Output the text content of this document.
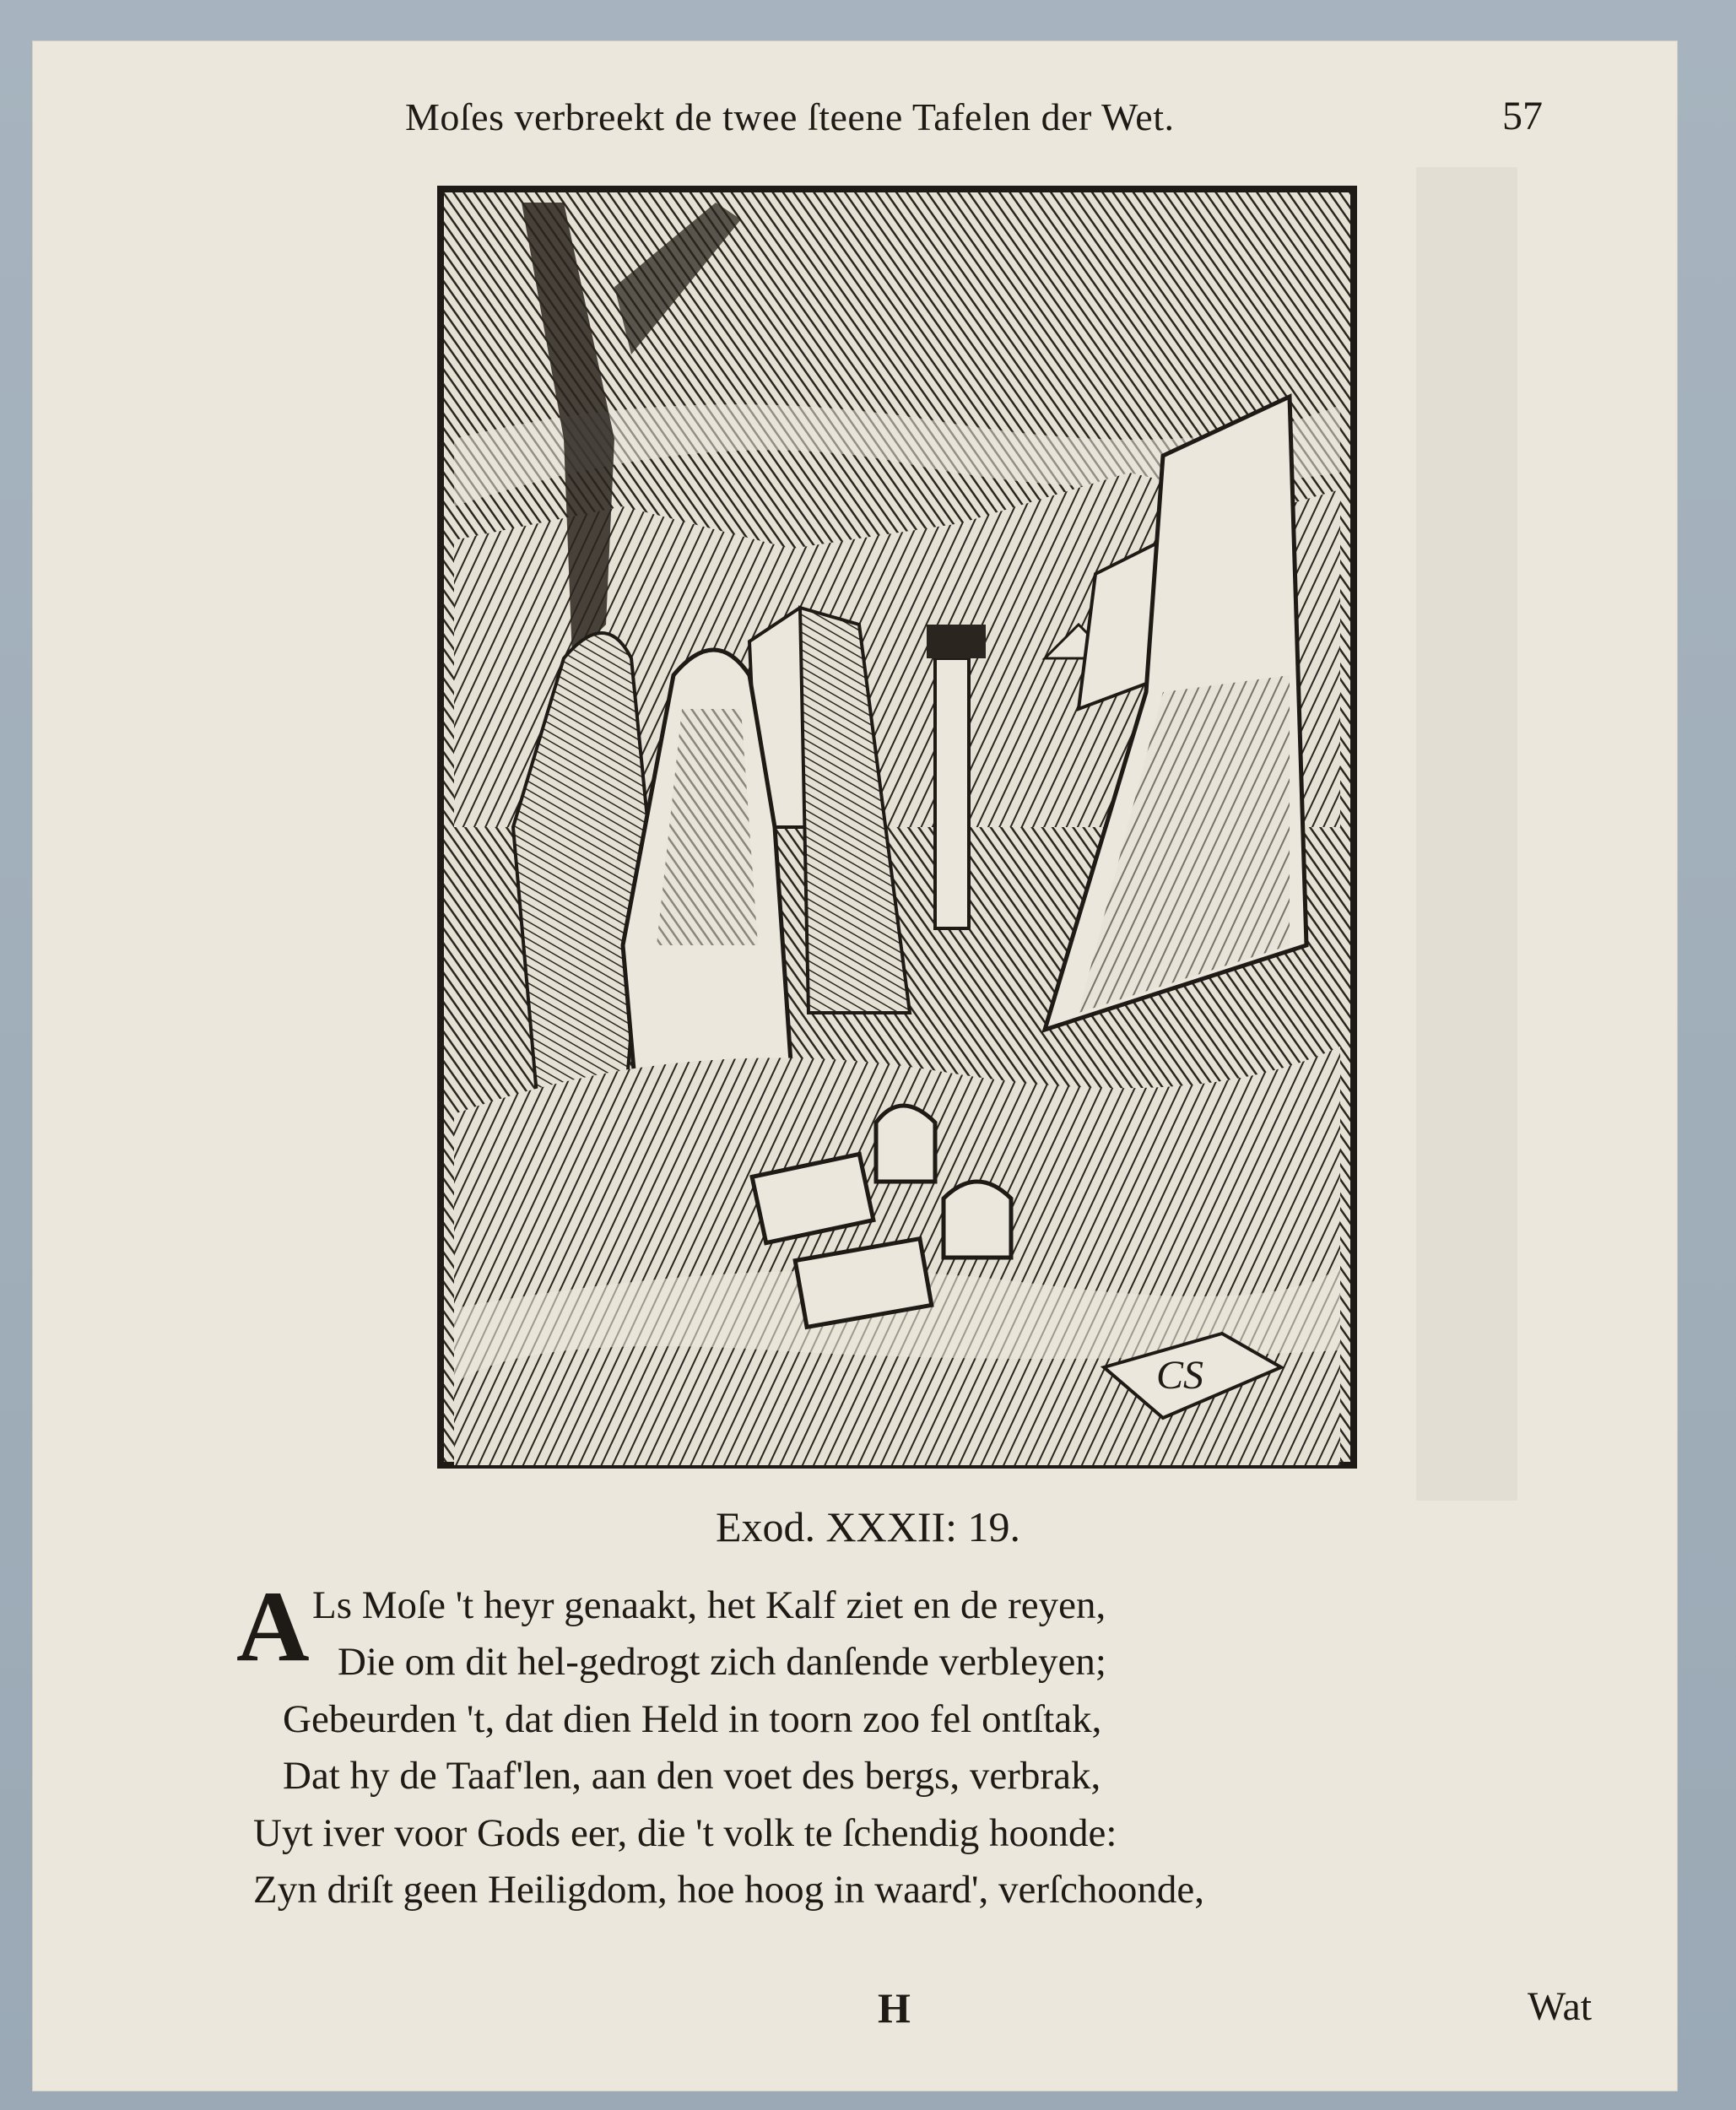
Moſes verbreekt de twee ſteene Tafelen der Wet.	57
CS
Exod. XXXII: 19.
A Ls Moſe 't heyr genaakt, het Kalf ziet en de reyen,
Die om dit hel-gedrogt zich danſende verbleyen;
Gebeurden 't, dat dien Held in toorn zoo fel ontſtak,
Dat hy de Taaf'len, aan den voet des bergs, verbrak,
Uyt iver voor Gods eer, die 't volk te ſchendig hoonde:
Zyn driſt geen Heiligdom, hoe hoog in waard', verſchoonde,
H	Wat
